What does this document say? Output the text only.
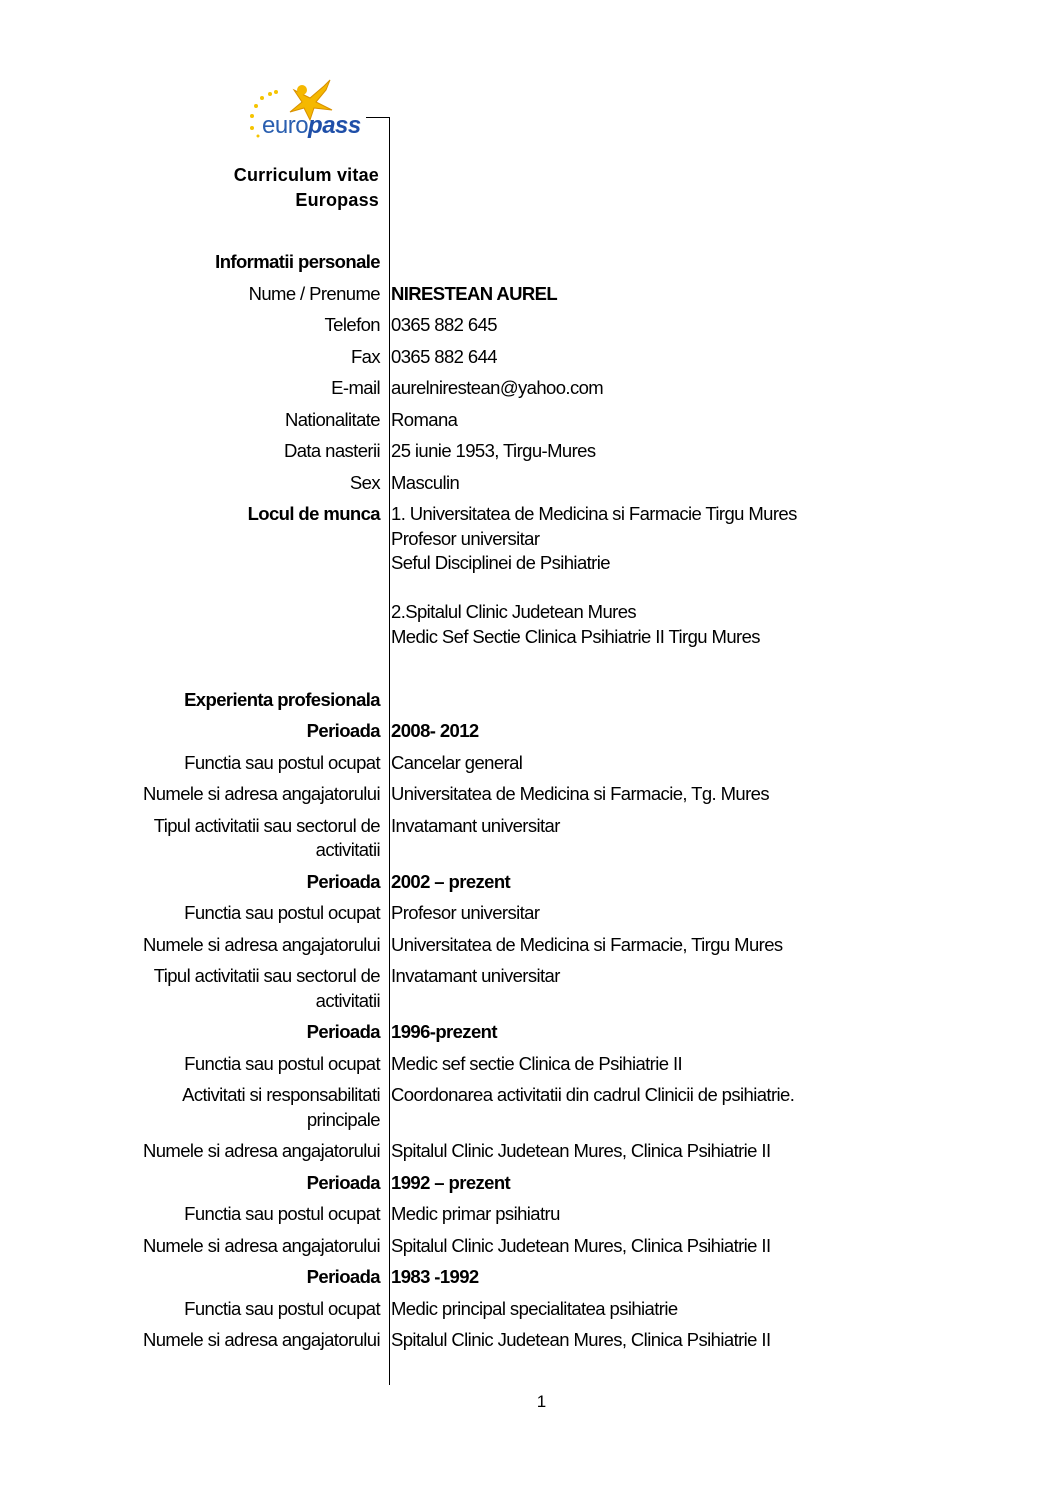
europass
Curriculum vitae
Europass
Informatii personale
Nume / Prenume NIRESTEAN AUREL
Telefon 0365 882 645
Fax 0365 882 644
E-mail aurelnirestean@yahoo.com
Nationalitate Romana
Data nasterii 25 iunie 1953, Tirgu-Mures
Sex Masculin
Locul de munca 1. Universitatea de Medicina si Farmacie Tirgu Mures
Profesor universitar
Seful Disciplinei de Psihiatrie

2.Spitalul Clinic Judetean Mures
Medic Sef Sectie Clinica Psihiatrie II Tirgu Mures

Experienta profesionala
Perioada 2008- 2012
Functia sau postul ocupat Cancelar general
Numele si adresa angajatorului Universitatea de Medicina si Farmacie, Tg. Mures
Tipul activitatii sau sectorul de
activitatii
Invatamant universitar
Perioada 2002 – prezent
Functia sau postul ocupat Profesor universitar
Numele si adresa angajatorului Universitatea de Medicina si Farmacie, Tirgu Mures
Tipul activitatii sau sectorul de
activitatii
Invatamant universitar
Perioada 1996-prezent
Functia sau postul ocupat Medic sef sectie Clinica de Psihiatrie II
Activitati si responsabilitati
principale
Coordonarea activitatii din cadrul Clinicii de psihiatrie.
Numele si adresa angajatorului Spitalul Clinic Judetean Mures, Clinica Psihiatrie II
Perioada 1992 – prezent
Functia sau postul ocupat Medic primar psihiatru
Numele si adresa angajatorului Spitalul Clinic Judetean Mures, Clinica Psihiatrie II
Perioada 1983 -1992
Functia sau postul ocupat Medic principal specialitatea psihiatrie
Numele si adresa angajatorului Spitalul Clinic Judetean Mures, Clinica Psihiatrie II
1
